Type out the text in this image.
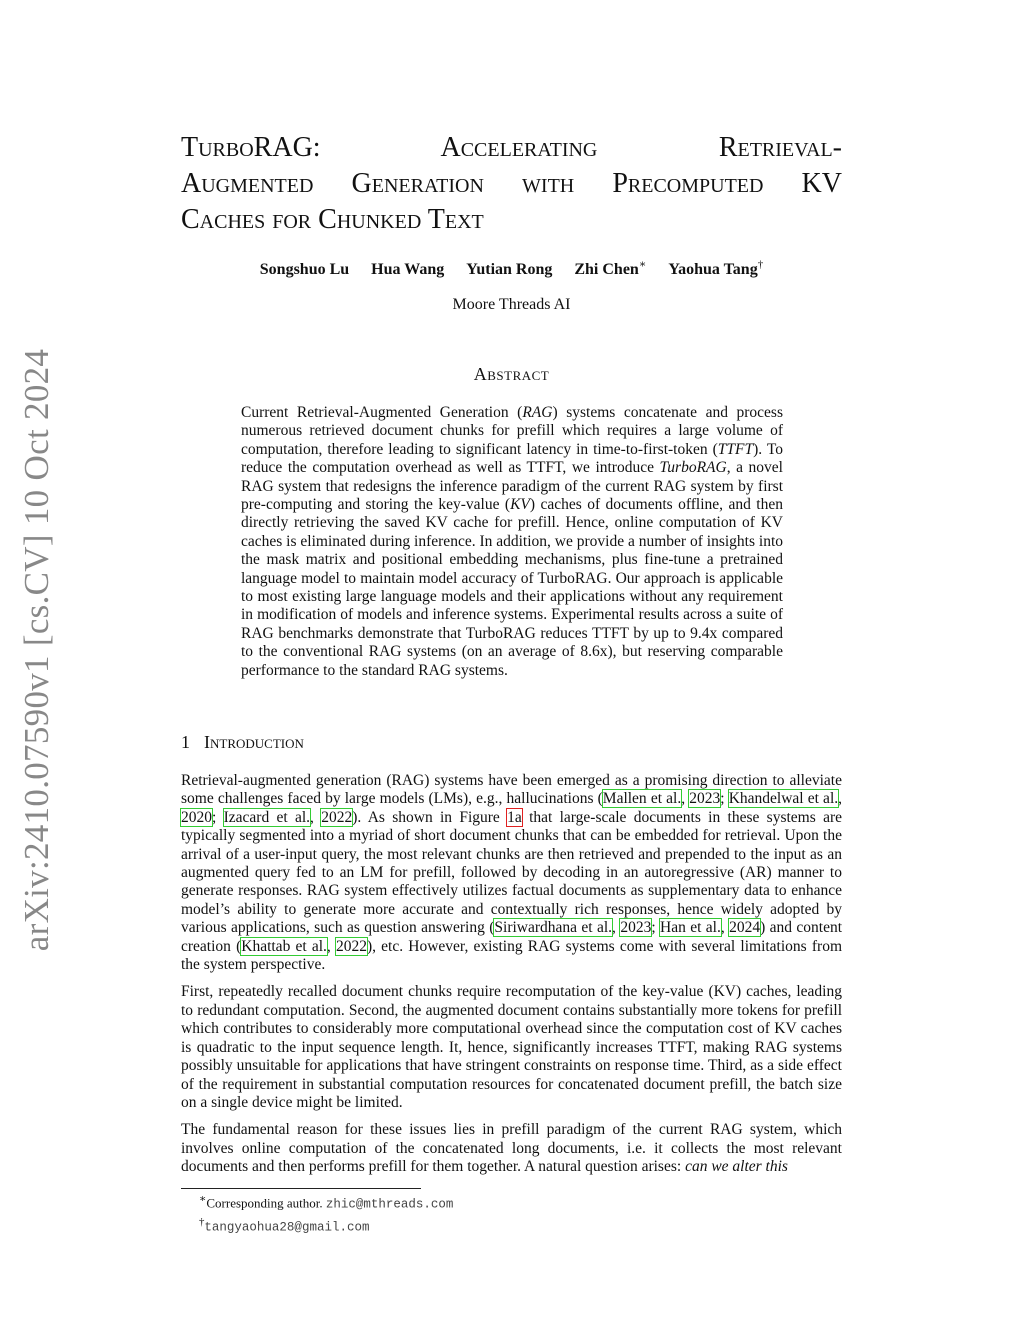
arXiv:2410.07590v1 [cs.CV] 10 Oct 2024
TurboRAG: Accelerating Retrieval-
Augmented Generation with Precomputed KV
Caches for Chunked Text
Songshuo Lu Hua Wang Yutian Rong Zhi Chen∗ Yaohua Tang†
Moore Threads AI
Abstract
Current Retrieval-Augmented Generation (RAG) systems concatenate and process numerous retrieved document chunks for prefill which requires a large volume of computation, therefore leading to significant latency in time-to-first-token (TTFT). To reduce the computation overhead as well as TTFT, we introduce TurboRAG, a novel RAG system that redesigns the inference paradigm of the current RAG system by first pre-computing and storing the key-value (KV) caches of documents offline, and then directly retrieving the saved KV cache for prefill. Hence, online computation of KV caches is eliminated during inference. In addition, we provide a number of insights into the mask matrix and positional embedding mechanisms, plus fine-tune a pretrained language model to maintain model accuracy of TurboRAG. Our approach is applicable to most existing large language models and their applications without any requirement in modification of models and inference systems. Experimental results across a suite of RAG benchmarks demonstrate that TurboRAG reduces TTFT by up to 9.4x compared to the conventional RAG systems (on an average of 8.6x), but reserving comparable performance to the standard RAG systems.
1 Introduction

Retrieval-augmented generation (RAG) systems have been emerged as a promising direction to alleviate some challenges faced by large models (LMs), e.g., hallucinations (Mallen et al., 2023; Khandelwal et al., 2020; Izacard et al., 2022). As shown in Figure 1a that large-scale documents in these systems are typically segmented into a myriad of short document chunks that can be embedded for retrieval. Upon the arrival of a user-input query, the most relevant chunks are then retrieved and prepended to the input as an augmented query fed to an LM for prefill, followed by decoding in an autoregressive (AR) manner to generate responses. RAG system effectively utilizes factual documents as supplementary data to enhance model’s ability to generate more accurate and contextually rich responses, hence widely adopted by various applications, such as question answering (Siriwardhana et al., 2023; Han et al., 2024) and content creation (Khattab et al., 2022), etc. However, existing RAG systems come with several limitations from the system perspective.

First, repeatedly recalled document chunks require recomputation of the key-value (KV) caches, leading to redundant computation. Second, the augmented document contains substantially more tokens for prefill which contributes to considerably more computational overhead since the computation cost of KV caches is quadratic to the input sequence length. It, hence, significantly increases TTFT, making RAG systems possibly unsuitable for applications that have stringent constraints on response time. Third, as a side effect of the requirement in substantial computation resources for concatenated document prefill, the batch size on a single device might be limited.

The fundamental reason for these issues lies in prefill paradigm of the current RAG system, which involves online computation of the concatenated long documents, i.e. it collects the most relevant documents and then performs prefill for them together. A natural question arises: can we alter this

∗Corresponding author. zhic@mthreads.com
†tangyaohua28@gmail.com
